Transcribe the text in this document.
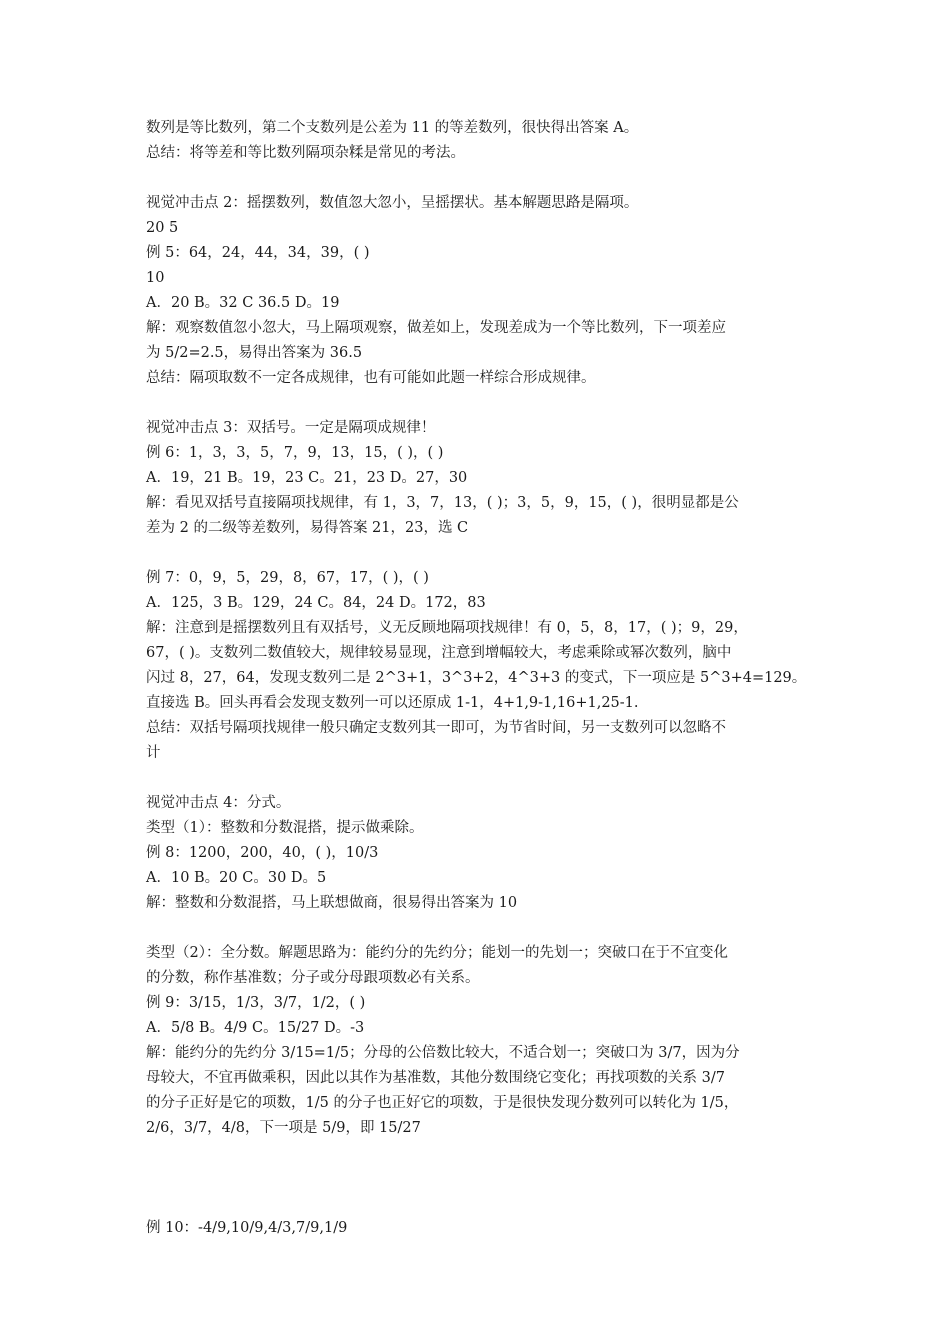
数列是等比数列，第二个支数列是公差为 11 的等差数列，很快得出答案 A。
总结：将等差和等比数列隔项杂糅是常见的考法。
视觉冲击点 2：摇摆数列，数值忽大忽小，呈摇摆状。基本解题思路是隔项。
20 5
例 5：64，24，44，34，39，( )
10
A．20 B。32 C 36.5 D。19
解：观察数值忽小忽大，马上隔项观察，做差如上，发现差成为一个等比数列，下一项差应
为 5/2=2.5，易得出答案为 36.5
总结：隔项取数不一定各成规律，也有可能如此题一样综合形成规律。
视觉冲击点 3：双括号。一定是隔项成规律！
例 6：1，3，3，5，7，9，13，15，( )，( )
A．19，21 B。19，23 C。21，23 D。27，30
解：看见双括号直接隔项找规律，有 1，3，7，13，( )；3，5，9，15，( )，很明显都是公
差为 2 的二级等差数列，易得答案 21，23，选 C
例 7：0，9，5，29，8，67，17，( )，( )
A．125，3 B。129，24 C。84，24 D。172，83
解：注意到是摇摆数列且有双括号，义无反顾地隔项找规律！有 0，5，8，17，( )；9，29，
67，( )。支数列二数值较大，规律较易显现，注意到增幅较大，考虑乘除或幂次数列，脑中
闪过 8，27，64，发现支数列二是 2^3+1，3^3+2，4^3+3 的变式，下一项应是 5^3+4=129。
直接选 B。回头再看会发现支数列一可以还原成 1-1，4+1,9-1,16+1,25-1.
总结：双括号隔项找规律一般只确定支数列其一即可，为节省时间，另一支数列可以忽略不
计
视觉冲击点 4：分式。
类型（1）：整数和分数混搭，提示做乘除。
例 8：1200，200，40，( )，10/3
A．10 B。20 C。30 D。5
解：整数和分数混搭，马上联想做商，很易得出答案为 10
类型（2）：全分数。解题思路为：能约分的先约分；能划一的先划一；突破口在于不宜变化
的分数，称作基准数；分子或分母跟项数必有关系。
例 9：3/15，1/3，3/7，1/2，( )
A．5/8 B。4/9 C。15/27 D。-3
解：能约分的先约分 3/15=1/5；分母的公倍数比较大，不适合划一；突破口为 3/7，因为分
母较大，不宜再做乘积，因此以其作为基准数，其他分数围绕它变化；再找项数的关系 3/7
的分子正好是它的项数，1/5 的分子也正好它的项数，于是很快发现分数列可以转化为 1/5，
2/6，3/7，4/8，下一项是 5/9，即 15/27
例 10：-4/9,10/9,4/3,7/9,1/9
